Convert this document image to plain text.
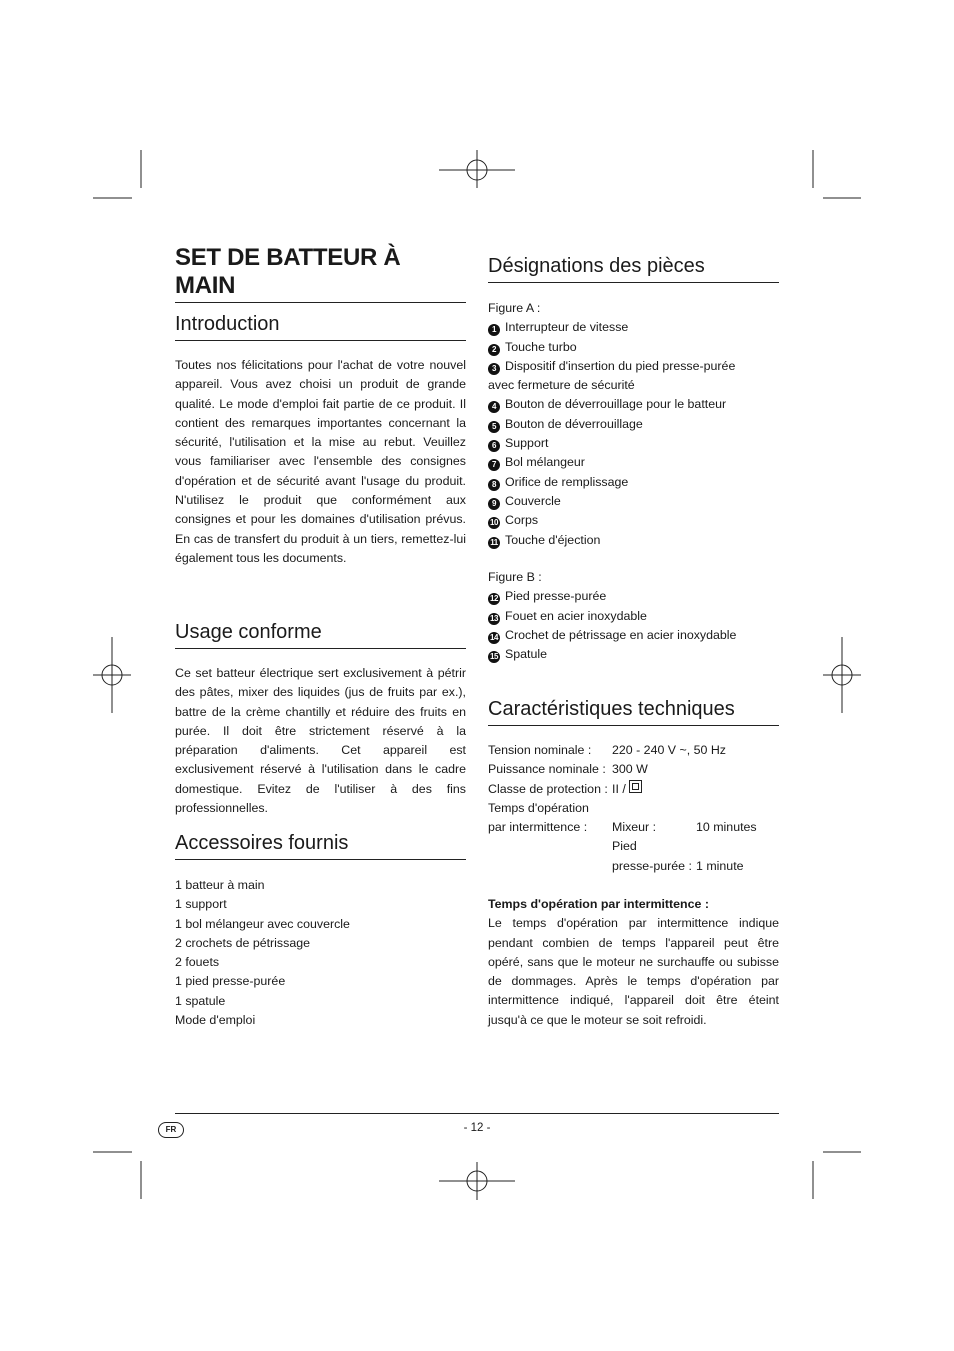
SET DE BATTEUR À MAIN
Introduction

Toutes nos félicitations pour l'achat de votre nouvel appareil. Vous avez choisi un produit de grande qualité. Le mode d'emploi fait partie de ce produit. Il contient des remarques importantes concernant la sécurité, l'utilisation et la mise au rebut. Veuillez vous familiariser avec l'ensemble des consignes d'opération et de sécurité avant l'usage du produit. N'utilisez le produit que conformément aux consignes et pour les domaines d'utilisation prévus. En cas de transfert du produit à un tiers, remettez-lui également tous les documents.

Usage conforme

Ce set batteur électrique sert exclusivement à pétrir des pâtes, mixer des liquides (jus de fruits par ex.), battre de la crème chantilly et réduire des fruits en purée. Il doit être strictement réservé à la préparation d'aliments. Cet appareil est exclusivement réservé à l'utilisation dans le cadre domestique. Evitez de l'utiliser à des fins professionnelles.

Accessoires fournis
1 batteur à main
1 support
1 bol mélangeur avec couvercle
2 crochets de pétrissage
2 fouets
1 pied presse-purée
1 spatule
Mode d'emploi
Désignations des pièces
Figure A :
1 Interrupteur de vitesse
2 Touche turbo
3 Dispositif d'insertion du pied presse-purée
avec fermeture de sécurité
4 Bouton de déverrouillage pour le batteur
5 Bouton de déverrouillage
6 Support
7 Bol mélangeur
8 Orifice de remplissage
9 Couvercle
10 Corps
11 Touche d'éjection
Figure B :
12 Pied presse-purée
13 Fouet en acier inoxydable
14 Crochet de pétrissage en acier inoxydable
15 Spatule
Caractéristiques techniques
Tension nominale : 220 - 240 V ~, 50 Hz
Puissance nominale : 300 W
Classe de protection : II /
Temps d'opération
par intermittence : Mixeur :	10 minutes
Pied
presse-purée : 1 minute
Temps d'opération par intermittence :
Le temps d'opération par intermittence indique pendant combien de temps l'appareil peut être opéré, sans que le moteur ne surchauffe ou subisse de dommages. Après le temps d'opération par intermittence indiqué, l'appareil doit être éteint jusqu'à ce que le moteur se soit refroidi.
FR	- 12 -
